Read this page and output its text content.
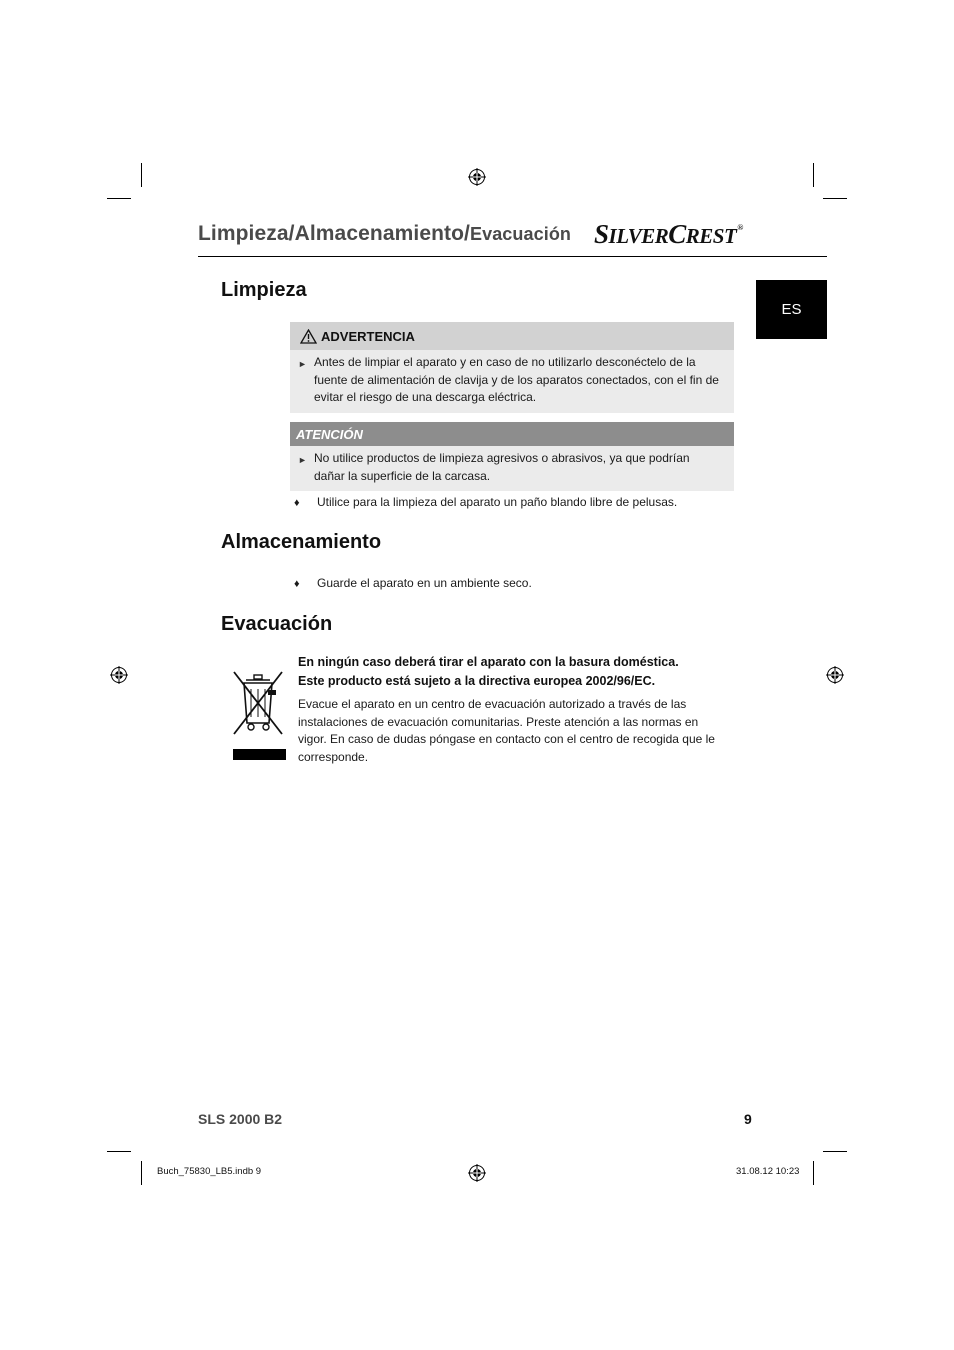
Limpieza/Almacenamiento/Evacuación SILVERCREST®
ES
Limpieza
ADVERTENCIA
► Antes de limpiar el aparato y en caso de no utilizarlo desconéctelo de la fuente de alimentación de clavija y de los aparatos conectados, con el fin de evitar el riesgo de una descarga eléctrica.
ATENCIÓN
► No utilice productos de limpieza agresivos o abrasivos, ya que podrían dañar la superficie de la carcasa.
♦ Utilice para la limpieza del aparato un paño blando libre de pelusas.
Almacenamiento
♦ Guarde el aparato en un ambiente seco.
Evacuación
En ningún caso deberá tirar el aparato con la basura doméstica.
Este producto está sujeto a la directiva europea 2002/96/EC.
Evacue el aparato en un centro de evacuación autorizado a través de las instalaciones de evacuación comunitarias. Preste atención a las normas en vigor. En caso de dudas póngase en contacto con el centro de recogida que le corresponde.
SLS 2000 B2	9
Buch_75830_LB5.indb 9	31.08.12 10:23
